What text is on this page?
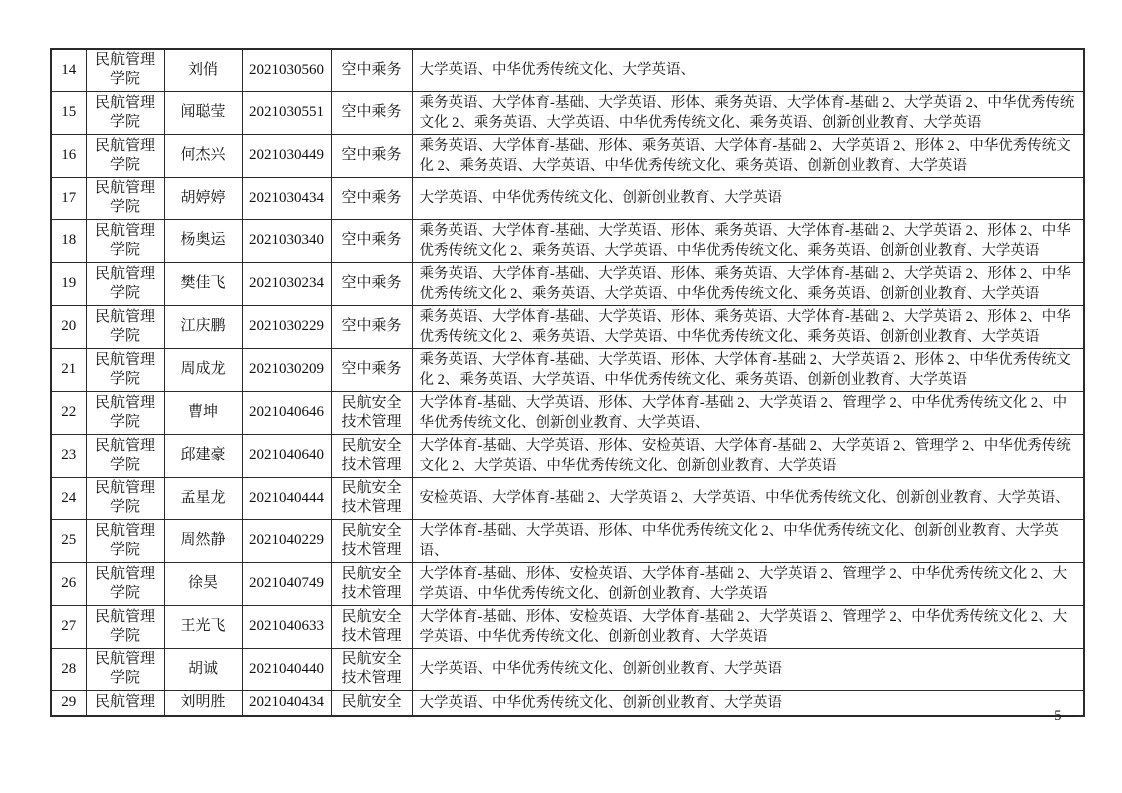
14	民航管理学院	刘俏	2021030560	空中乘务	大学英语、中华优秀传统文化、大学英语、
15	民航管理学院	闻聪莹	2021030551	空中乘务	乘务英语、大学体育-基础、大学英语、形体、乘务英语、大学体育-基础 2、大学英语 2、中华优秀传统文化 2、乘务英语、大学英语、中华优秀传统文化、乘务英语、创新创业教育、大学英语
16	民航管理学院	何杰兴	2021030449	空中乘务	乘务英语、大学体育-基础、形体、乘务英语、大学体育-基础 2、大学英语 2、形体 2、中华优秀传统文化 2、乘务英语、大学英语、中华优秀传统文化、乘务英语、创新创业教育、大学英语
17	民航管理学院	胡婷婷	2021030434	空中乘务	大学英语、中华优秀传统文化、创新创业教育、大学英语
18	民航管理学院	杨奥运	2021030340	空中乘务	乘务英语、大学体育-基础、大学英语、形体、乘务英语、大学体育-基础 2、大学英语 2、形体 2、中华优秀传统文化 2、乘务英语、大学英语、中华优秀传统文化、乘务英语、创新创业教育、大学英语
19	民航管理学院	樊佳飞	2021030234	空中乘务	乘务英语、大学体育-基础、大学英语、形体、乘务英语、大学体育-基础 2、大学英语 2、形体 2、中华优秀传统文化 2、乘务英语、大学英语、中华优秀传统文化、乘务英语、创新创业教育、大学英语
20	民航管理学院	江庆鹏	2021030229	空中乘务	乘务英语、大学体育-基础、大学英语、形体、乘务英语、大学体育-基础 2、大学英语 2、形体 2、中华优秀传统文化 2、乘务英语、大学英语、中华优秀传统文化、乘务英语、创新创业教育、大学英语
21	民航管理学院	周成龙	2021030209	空中乘务	乘务英语、大学体育-基础、大学英语、形体、大学体育-基础 2、大学英语 2、形体 2、中华优秀传统文化 2、乘务英语、大学英语、中华优秀传统文化、乘务英语、创新创业教育、大学英语
22	民航管理学院	曹坤	2021040646	民航安全技术管理	大学体育-基础、大学英语、形体、大学体育-基础 2、大学英语 2、管理学 2、中华优秀传统文化 2、中华优秀传统文化、创新创业教育、大学英语、
23	民航管理学院	邱建豪	2021040640	民航安全技术管理	大学体育-基础、大学英语、形体、安检英语、大学体育-基础 2、大学英语 2、管理学 2、中华优秀传统文化 2、大学英语、中华优秀传统文化、创新创业教育、大学英语
24	民航管理学院	孟星龙	2021040444	民航安全技术管理	安检英语、大学体育-基础 2、大学英语 2、大学英语、中华优秀传统文化、创新创业教育、大学英语、
25	民航管理学院	周然静	2021040229	民航安全技术管理	大学体育-基础、大学英语、形体、中华优秀传统文化 2、中华优秀传统文化、创新创业教育、大学英语、
26	民航管理学院	徐昊	2021040749	民航安全技术管理	大学体育-基础、形体、安检英语、大学体育-基础 2、大学英语 2、管理学 2、中华优秀传统文化 2、大学英语、中华优秀传统文化、创新创业教育、大学英语
27	民航管理学院	王光飞	2021040633	民航安全技术管理	大学体育-基础、形体、安检英语、大学体育-基础 2、大学英语 2、管理学 2、中华优秀传统文化 2、大学英语、中华优秀传统文化、创新创业教育、大学英语
28	民航管理学院	胡诚	2021040440	民航安全技术管理	大学英语、中华优秀传统文化、创新创业教育、大学英语
29	民航管理	刘明胜	2021040434	民航安全	大学英语、中华优秀传统文化、创新创业教育、大学英语
—5—
